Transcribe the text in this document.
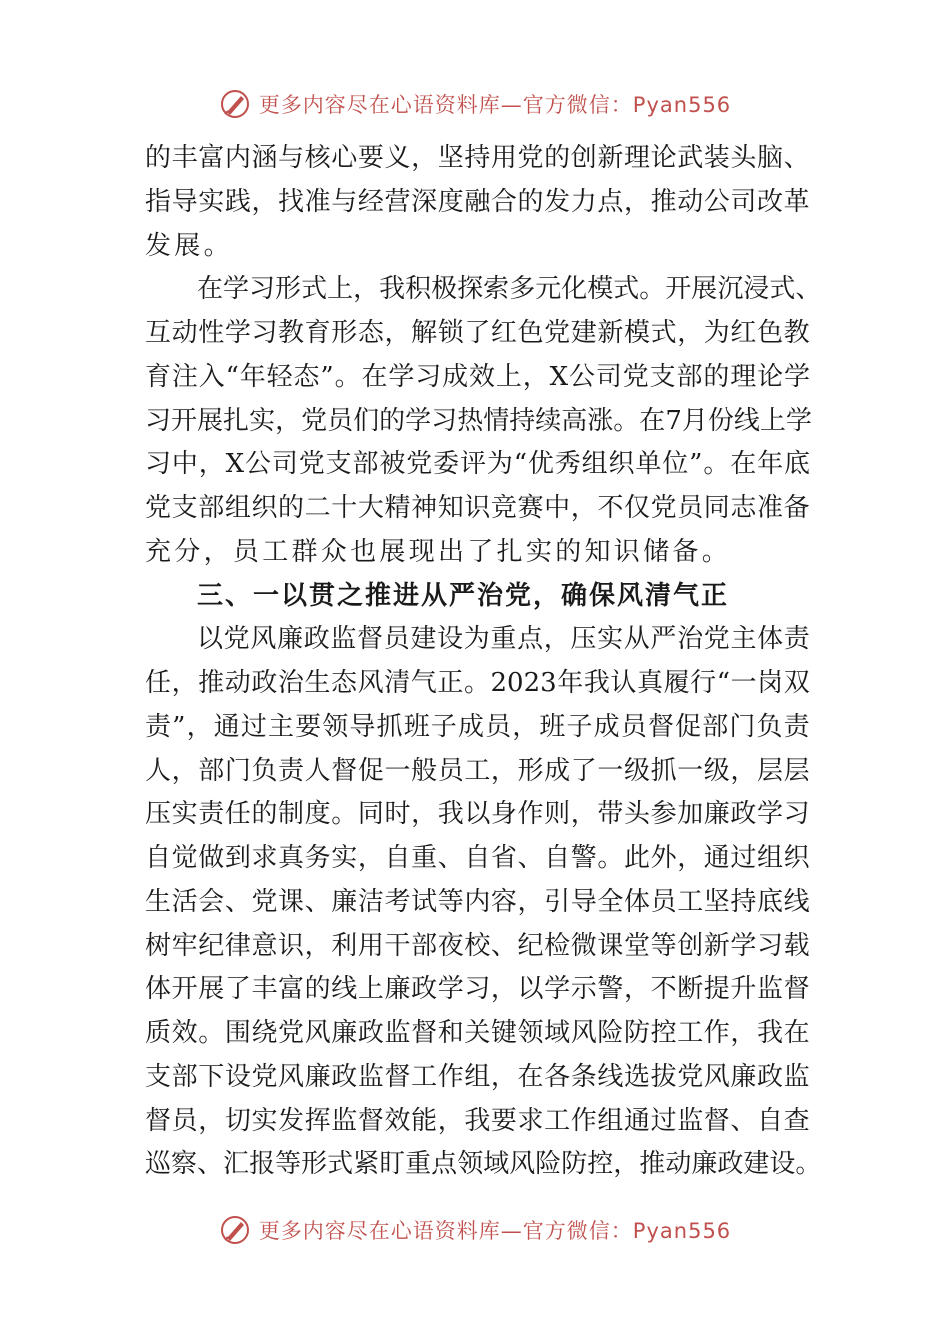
更多内容尽在心语资料库—官方微信：Pyan556
的 丰 富 内 涵 与 核 心 要 义 ， 坚 持 用 党 的 创 新 理 论 武 装 头 脑 、
指 导 实 践 ， 找 准 与 经 营 深 度 融 合 的 发 力 点 ， 推 动 公 司 改 革
发展。
在 学 习 形 式 上 ， 我 积 极 探 索 多 元 化 模 式 。 开 展 沉 浸 式 、
互 动 性 学 习 教 育 形 态 ， 解 锁 了 红 色 党 建 新 模 式 ， 为 红 色 教
育 注 入 “ 年 轻 态 ” 。 在 学 习 成 效 上 ， X 公 司 党 支 部 的 理 论 学
习 开 展 扎 实 ， 党 员 们 的 学 习 热 情 持 续 高 涨 。 在 7 月 份 线 上 学
习 中 ， X 公 司 党 支 部 被 党 委 评 为 “ 优 秀 组 织 单 位 ” 。 在 年 底
党 支 部 组 织 的 二 十 大 精 神 知 识 竞 赛 中 ， 不 仅 党 员 同 志 准 备
充分，员工群众也展现出了扎实的知识储备。
三、一以贯之推进从严治党，确保风清气正
以 党 风 廉 政 监 督 员 建 设 为 重 点 ， 压 实 从 严 治 党 主 体 责
任 ， 推 动 政 治 生 态 风 清 气 正 。 2023 年 我 认 真 履 行 “ 一 岗 双
责 ” ， 通 过 主 要 领 导 抓 班 子 成 员 ， 班 子 成 员 督 促 部 门 负 责
人 ， 部 门 负 责 人 督 促 一 般 员 工 ， 形 成 了 一 级 抓 一 级 ， 层 层
压 实 责 任 的 制 度 。 同 时 ， 我 以 身 作 则 ， 带 头 参 加 廉 政 学 习
自 觉 做 到 求 真 务 实 ， 自 重 、 自 省 、 自 警 。 此 外 ， 通 过 组 织
生 活 会 、 党 课 、 廉 洁 考 试 等 内 容 ， 引 导 全 体 员 工 坚 持 底 线
树 牢 纪 律 意 识 ， 利 用 干 部 夜 校 、 纪 检 微 课 堂 等 创 新 学 习 载
体 开 展 了 丰 富 的 线 上 廉 政 学 习 ， 以 学 示 警 ， 不 断 提 升 监 督
质 效 。 围 绕 党 风 廉 政 监 督 和 关 键 领 域 风 险 防 控 工 作 ， 我 在
支 部 下 设 党 风 廉 政 监 督 工 作 组 ， 在 各 条 线 选 拔 党 风 廉 政 监
督 员 ， 切 实 发 挥 监 督 效 能 ， 我 要 求 工 作 组 通 过 监 督 、 自 查
巡 察 、 汇 报 等 形 式 紧 盯 重 点 领 域 风 险 防 控 ， 推 动 廉 政 建 设 。
更多内容尽在心语资料库—官方微信：Pyan556
